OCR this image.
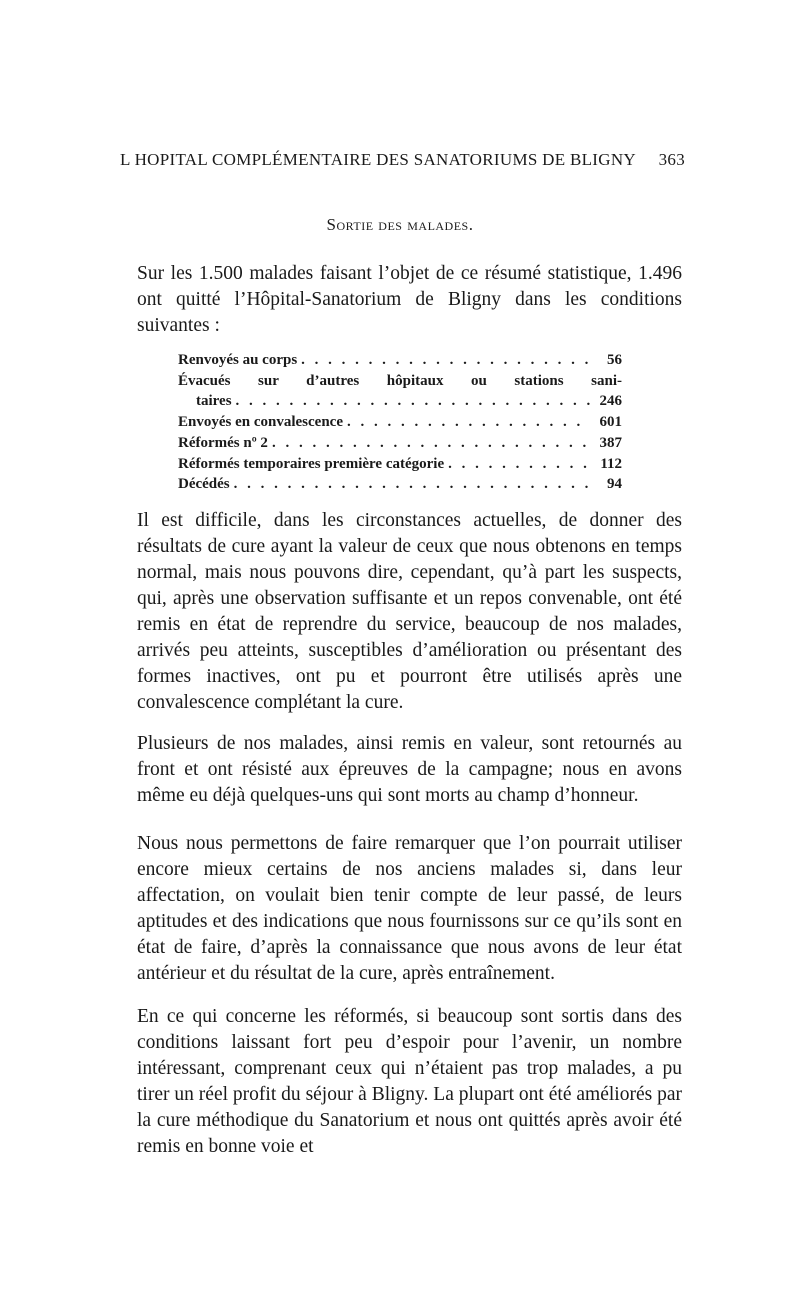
L HOPITAL COMPLÉMENTAIRE DES SANATORIUMS DE BLIGNY 363
Sortie des malades.

Sur les 1.500 malades faisant l’objet de ce résumé statistique, 1.496 ont quitté l’Hôpital-Sanatorium de Bligny dans les conditions suivantes :

Renvoyés au corps . . .	56
Évacués sur d’autres hôpitaux ou stations sani-
taires . . .	246
Envoyés en convalescence . . .	601
Réformés nº 2 . . .	387
Réformés temporaires première catégorie . . .	112
Décédés . . .	94

Il est difficile, dans les circonstances actuelles, de donner des résultats de cure ayant la valeur de ceux que nous obtenons en temps normal, mais nous pouvons dire, cependant, qu’à part les suspects, qui, après une observation suffisante et un repos convenable, ont été remis en état de reprendre du service, beaucoup de nos malades, arrivés peu atteints, susceptibles d’amélioration ou présentant des formes inactives, ont pu et pourront être utilisés après une convalescence complétant la cure.

Plusieurs de nos malades, ainsi remis en valeur, sont retournés au front et ont résisté aux épreuves de la campagne; nous en avons même eu déjà quelques-uns qui sont morts au champ d’honneur.

Nous nous permettons de faire remarquer que l’on pourrait utiliser encore mieux certains de nos anciens malades si, dans leur affectation, on voulait bien tenir compte de leur passé, de leurs aptitudes et des indications que nous fournissons sur ce qu’ils sont en état de faire, d’après la connaissance que nous avons de leur état antérieur et du résultat de la cure, après entraînement.

En ce qui concerne les réformés, si beaucoup sont sortis dans des conditions laissant fort peu d’espoir pour l’avenir, un nombre intéressant, comprenant ceux qui n’étaient pas trop malades, a pu tirer un réel profit du séjour à Bligny. La plupart ont été améliorés par la cure méthodique du Sanatorium et nous ont quittés après avoir été remis en bonne voie et
